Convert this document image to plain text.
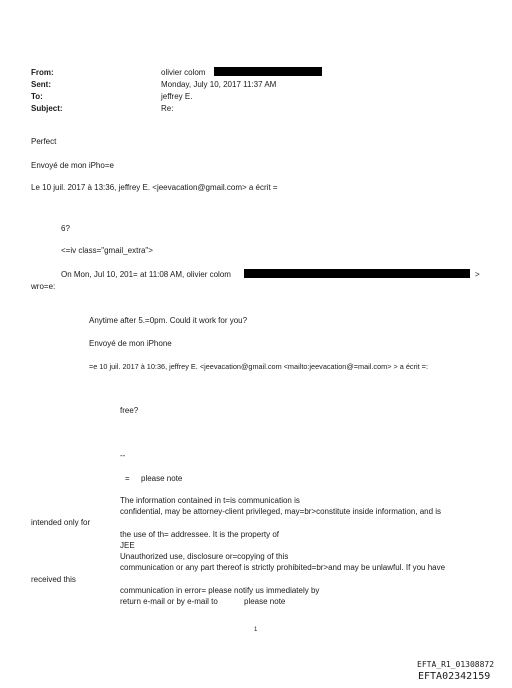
From:	olivier colom
Sent:	Monday, July 10, 2017 11:37 AM
To:	jeffrey E.
Subject:	Re:
Perfect
Envoyé de mon iPho=e
Le 10 juil. 2017 à 13:36, jeffrey E. <jeevacation@gmail.com> a écrit =
6?
<=iv class="gmail_extra">
On Mon, Jul 10, 201= at 11:08 AM, olivier colom	>
wro=e:
Anytime after 5.=0pm. Could it work for you?
Envoyé de mon iPhone
=e 10 juil. 2017 à 10:36, jeffrey E. <jeevacation@gmail.com <mailto:jeevacation@=mail.com> > a écrit =:
free?
--
= please note
The information contained in t=is communication is
confidential, may be attorney-client privileged, may=br>constitute inside information, and is
intended only for
the use of th= addressee. It is the property of
JEE
Unauthorized use, disclosure or=copying of this
communication or any part thereof is strictly prohibited=br>and may be unlawful. If you have
received this
communication in error= please notify us immediately by
return e-mail or by e-mail to	please note
1
EFTA_R1_01308872
EFTA02342159
